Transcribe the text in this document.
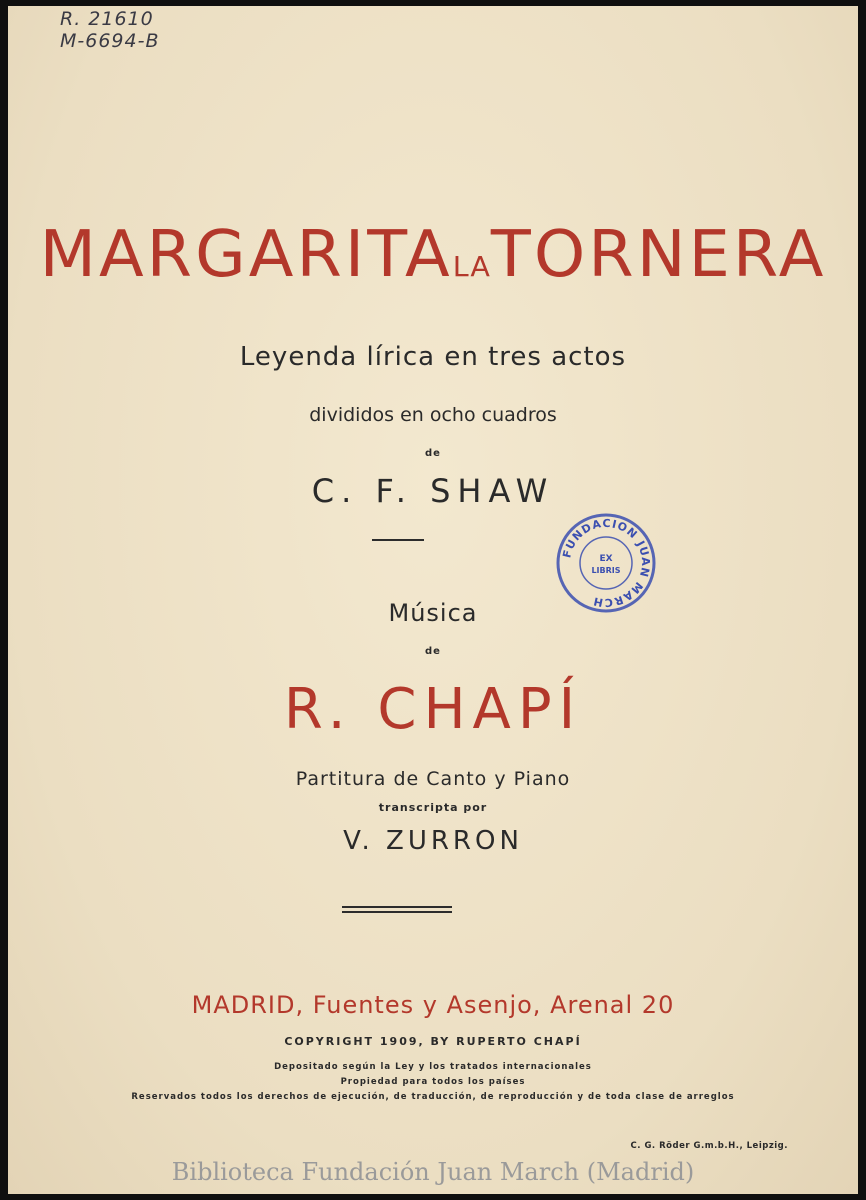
R. 21610
M-6694-B
MARGARITALATORNERA
Leyenda lírica en tres actos
divididos en ocho cuadros
de
C. F. SHAW
Música
de
R. CHAPÍ
Partitura de Canto y Piano
transcripta por
V. ZURRON
MADRID, Fuentes y Asenjo, Arenal 20
COPYRIGHT 1909, BY RUPERTO CHAPÍ
Depositado según la Ley y los tratados internacionales
Propiedad para todos los países
Reservados todos los derechos de ejecución, de traducción, de reproducción y de toda clase de arreglos
C. G. Röder G.m.b.H., Leipzig.
FUNDACION JUAN MARCH
EX
LIBRIS
Biblioteca Fundación Juan March (Madrid)
